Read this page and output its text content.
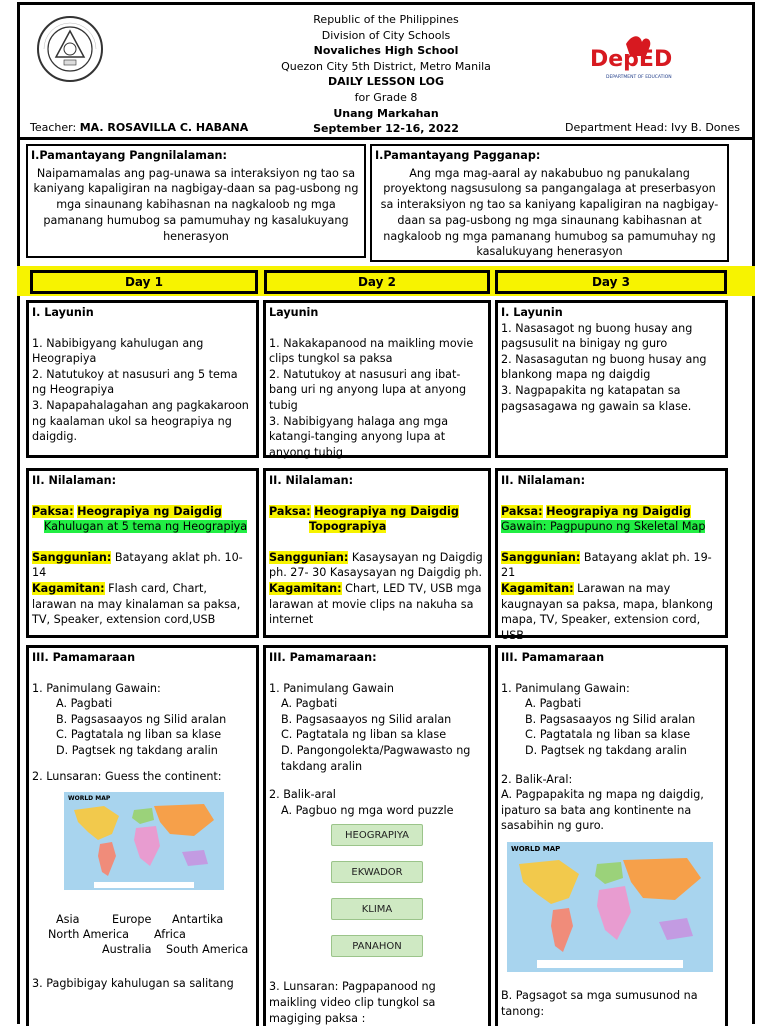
Republic of the Philippines
Division of City Schools
Novaliches High School
Quezon City 5th District, Metro Manila
DAILY LESSON LOG
for Grade 8
Unang Markahan
September 12-16, 2022
DepED
DEPARTMENT OF EDUCATION
Teacher: MA. ROSAVILLA C. HABANA	Department Head: Ivy B. Dones
I.Pamantayang Pangnilalaman:
Naipamamalas ang pag-unawa sa interaksiyon ng tao sa kaniyang kapaligiran na nagbigay-daan sa pag-usbong ng mga sinaunang kabihasnan na nagkaloob ng mga pamanang humubog sa pamumuhay ng kasalukuyang henerasyon
I.Pamantayang Pagganap:
Ang mga mag-aaral ay nakabubuo ng panukalang proyektong nagsusulong sa pangangalaga at preserbasyon sa interaksiyon ng tao sa kaniyang kapaligiran na nagbigay-daan sa pag-usbong ng mga sinaunang kabihasnan at nagkaloob ng mga pamanang humubog sa pamumuhay ng kasalukuyang henerasyon
Day 1	Day 2	Day 3
I. Layunin
1. Nabibigyang kahulugan ang Heograpiya
2. Natutukoy at nasusuri ang 5 tema ng Heograpiya
3. Napapahalagahan ang pagkakaroon ng kaalaman ukol sa heograpiya ng daigdig.
Layunin
1. Nakakapanood na maikling movie clips tungkol sa paksa
2. Natutukoy at nasusuri ang ibat-bang uri ng anyong lupa at anyong tubig
3. Nabibigyang halaga ang mga katangi-tanging anyong lupa at anyong tubig
I. Layunin
1. Nasasagot ng buong husay ang pagsusulit na binigay ng guro
2. Nasasagutan ng buong husay ang blankong mapa ng daigdig
3. Nagpapakita ng katapatan sa pagsasagawa ng gawain sa klase.
II. Nilalaman:
Paksa: Heograpiya ng Daigdig
Kahulugan at 5 tema ng Heograpiya
Sanggunian: Batayang aklat ph. 10-14
Kagamitan: Flash card, Chart, larawan na may kinalaman sa paksa, TV, Speaker, extension cord,USB
II. Nilalaman:
Paksa: Heograpiya ng Daigdig
Topograpiya
Sanggunian: Kasaysayan ng Daigdig ph. 27- 30 Kasaysayan ng Daigdig ph.
Kagamitan: Chart, LED TV, USB mga larawan at movie clips na nakuha sa internet
II. Nilalaman:
Paksa: Heograpiya ng Daigdig
Gawain: Pagpupuno ng Skeletal Map
Sanggunian: Batayang aklat ph. 19-21
Kagamitan: Larawan na may kaugnayan sa paksa, mapa, blankong mapa, TV, Speaker, extension cord, USB
III. Pamamaraan
1. Panimulang Gawain:
A. Pagbati
B. Pagsasaayos ng Silid aralan
C. Pagtatala ng liban sa klase
D. Pagtsek ng takdang aralin
2. Lunsaran: Guess the continent:
WORLD MAP
Asia	Europe Antartika
North America Africa
Australia South America
3. Pagbibigay kahulugan sa salitang
III. Pamamaraan:
1. Panimulang Gawain
A. Pagbati
B. Pagsasaayos ng Silid aralan
C. Pagtatala ng liban sa klase
D. Pangongolekta/Pagwawasto ng takdang aralin
2. Balik-aral
A. Pagbuo ng mga word puzzle
HEOGRAPIYA
EKWADOR
KLIMA
PANAHON
3. Lunsaran: Pagpapanood ng maikling video clip tungkol sa magiging paksa :
III. Pamamaraan
1. Panimulang Gawain:
A. Pagbati
B. Pagsasaayos ng Silid aralan
C. Pagtatala ng liban sa klase
D. Pagtsek ng takdang aralin
2. Balik-Aral:
A. Pagpapakita ng mapa ng daigdig, ipaturo sa bata ang kontinente na sasabihin ng guro.
WORLD MAP
B. Pagsagot sa mga sumusunod na tanong:
